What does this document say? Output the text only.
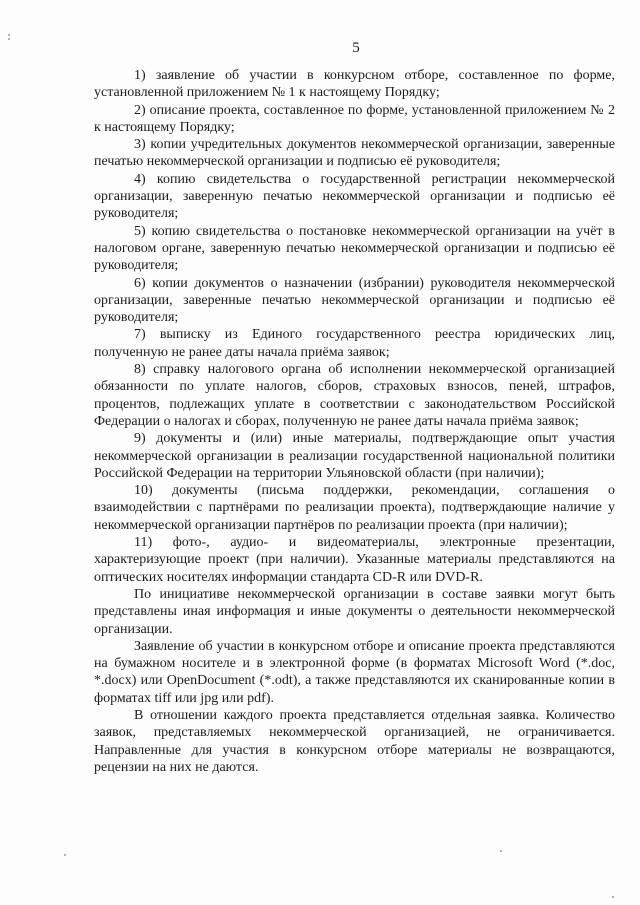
5

1) заявление об участии в конкурсном отборе, составленное по форме, установленной приложением № 1 к настоящему Порядку;

2) описание проекта, составленное по форме, установленной приложением № 2 к настоящему Порядку;

3) копии учредительных документов некоммерческой организации, заверенные печатью некоммерческой организации и подписью её руководителя;

4) копию свидетельства о государственной регистрации некоммерческой организации, заверенную печатью некоммерческой организации и подписью её руководителя;

5) копию свидетельства о постановке некоммерческой организации на учёт в налоговом органе, заверенную печатью некоммерческой организации и подписью её руководителя;

6) копии документов о назначении (избрании) руководителя некоммерческой организации, заверенные печатью некоммерческой организации и подписью её руководителя;

7) выписку из Единого государственного реестра юридических лиц, полученную не ранее даты начала приёма заявок;

8) справку налогового органа об исполнении некоммерческой организацией обязанности по уплате налогов, сборов, страховых взносов, пеней, штрафов, процентов, подлежащих уплате в соответствии с законодательством Российской Федерации о налогах и сборах, полученную не ранее даты начала приёма заявок;

9) документы и (или) иные материалы, подтверждающие опыт участия некоммерческой организации в реализации государственной национальной политики Российской Федерации на территории Ульяновской области (при наличии);

10) документы (письма поддержки, рекомендации, соглашения о взаимодействии с партнёрами по реализации проекта), подтверждающие наличие у некоммерческой организации партнёров по реализации проекта (при наличии);

11) фото-, аудио- и видеоматериалы, электронные презентации, характеризующие проект (при наличии). Указанные материалы представляются на оптических носителях информации стандарта CD-R или DVD-R.

По инициативе некоммерческой организации в составе заявки могут быть представлены иная информация и иные документы о деятельности некоммерческой организации.

Заявление об участии в конкурсном отборе и описание проекта представляются на бумажном носителе и в электронной форме (в форматах Microsoft Word (*.doc, *.docx) или OpenDocument (*.odt), а также представляются их сканированные копии в форматах tiff или jpg или pdf).

В отношении каждого проекта представляется отдельная заявка. Количество заявок, представляемых некоммерческой организацией, не ограничивается. Направленные для участия в конкурсном отборе материалы не возвращаются, рецензии на них не даются.
